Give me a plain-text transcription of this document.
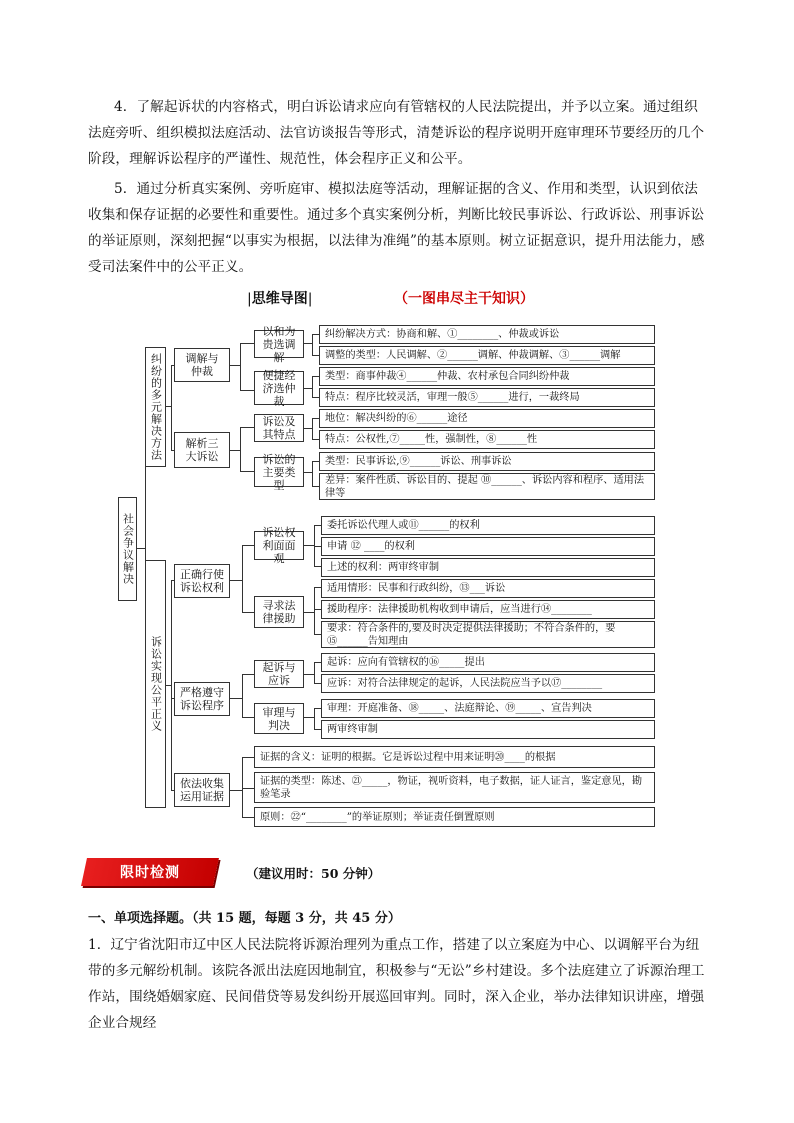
4．了解起诉状的内容格式，明白诉讼请求应向有管辖权的人民法院提出，并予以立案。通过组织法庭旁听、组织模拟法庭活动、法官访谈报告等形式，清楚诉讼的程序说明开庭审理环节要经历的几个阶段，理解诉讼程序的严谨性、规范性，体会程序正义和公平。

5．通过分析真实案例、旁听庭审、模拟法庭等活动，理解证据的含义、作用和类型，认识到依法收集和保存证据的必要性和重要性。通过多个真实案例分析，判断比较民事诉讼、行政诉讼、刑事诉讼的举证原则，深刻把握“以事实为根据，以法律为准绳”的基本原则。树立证据意识，提升用法能力，感受司法案件中的公平正义。

|思维导图|	（一图串尽主干知识）
社会争议解决
纠纷的多元解决方法	调解与仲裁
解析三大诉讼
以和为贵选调解
便捷经济选仲裁
诉讼及其特点
诉讼的主要类型
纠纷解决方式：协商和解、①________、仲裁或诉讼
调整的类型：人民调解、②______调解、仲裁调解、③______调解
类型：商事仲裁④______仲裁、农村承包合同纠纷仲裁
特点：程序比较灵活，审理一般⑤______进行，一裁终局
地位：解决纠纷的⑥______途径
特点：公权性,⑦_____性，强制性，⑧______性
类型：民事诉讼,⑨______诉讼、刑事诉讼
差异：案件性质、诉讼目的、提起 ⑩______、诉讼内容和程序、适用法律等
诉讼实现公平正义
正确行使诉讼权利
严格遵守诉讼程序
依法收集运用证据
诉讼权利面面观
寻求法律援助
起诉与应诉
审理与判决
委托诉讼代理人或⑪______的权利
申请 ⑫ ____的权利
上述的权利：两审终审制
适用情形：民事和行政纠纷，⑬___诉讼
援助程序：法律援助机构收到申请后，应当进行⑭________
要求：符合条件的,要及时决定提供法律援助；不符合条件的，要⑮______告知理由
起诉：应向有管辖权的⑯_____提出
应诉：对符合法律规定的起诉，人民法院应当予以⑰________
审理：开庭准备、⑱_____、法庭辩论、⑲_____、宣告判决
两审终审制
证据的含义：证明的根据。它是诉讼过程中用来证明⑳____的根据
证据的类型：陈述、㉑_____，物证，视听资料，电子数据，证人证言，鉴定意见，勘验笔录
原则：㉒“________”的举证原则；举证责任倒置原则
限时检测	（建议用时：50 分钟）
一、单项选择题。（共 15 题，每题 3 分，共 45 分）

1．辽宁省沈阳市辽中区人民法院将诉源治理列为重点工作，搭建了以立案庭为中心、以调解平台为纽带的多元解纷机制。该院各派出法庭因地制宜，积极参与“无讼”乡村建设。多个法庭建立了诉源治理工作站，围绕婚姻家庭、民间借贷等易发纠纷开展巡回审判。同时，深入企业，举办法律知识讲座，增强企业合规经
